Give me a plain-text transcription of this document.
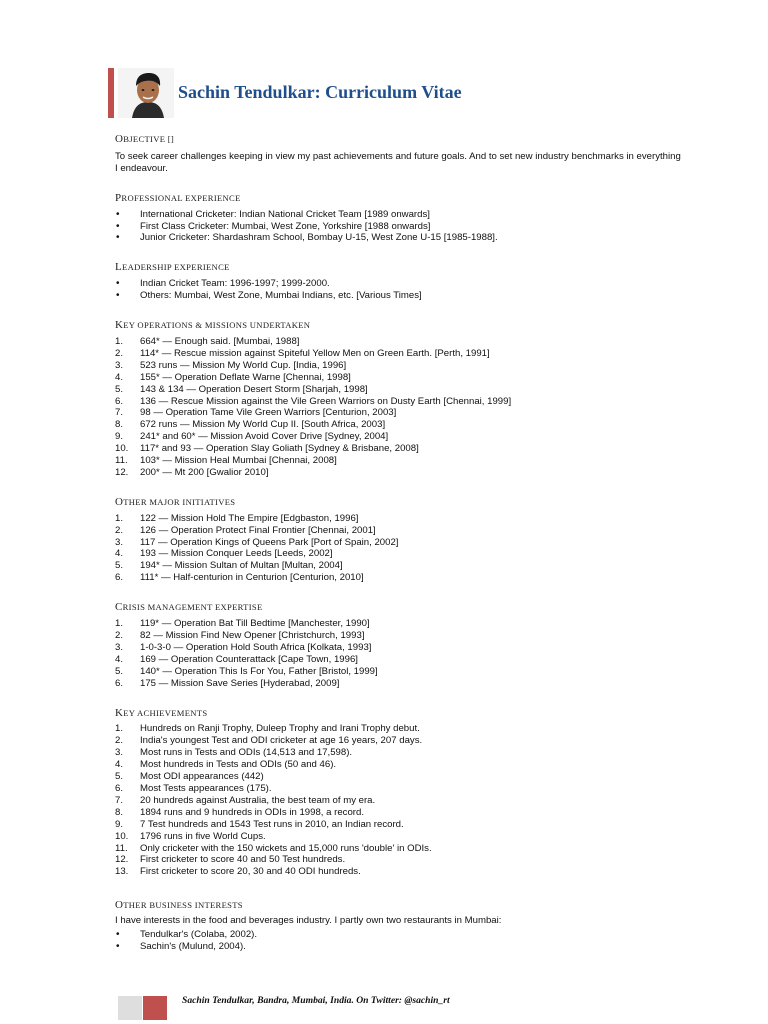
Sachin Tendulkar: Curriculum Vitae
OBJECTIVE []

To seek career challenges keeping in view my past achievements and future goals. And to set new industry benchmarks in everything I endeavour.

PROFESSIONAL EXPERIENCE
• International Cricketer: Indian National Cricket Team [1989 onwards]
• First Class Cricketer: Mumbai, West Zone, Yorkshire [1988 onwards]
• Junior Cricketer: Shardashram School, Bombay U-15, West Zone U-15 [1985-1988].
LEADERSHIP EXPERIENCE
• Indian Cricket Team: 1996-1997; 1999-2000.
• Others: Mumbai, West Zone, Mumbai Indians, etc. [Various Times]
KEY OPERATIONS & MISSIONS UNDERTAKEN
1. 664* — Enough said. [Mumbai, 1988]
2. 114* — Rescue mission against Spiteful Yellow Men on Green Earth. [Perth, 1991]
3. 523 runs — Mission My World Cup. [India, 1996]
4. 155* — Operation Deflate Warne [Chennai, 1998]
5. 143 & 134 — Operation Desert Storm [Sharjah, 1998]
6. 136 — Rescue Mission against the Vile Green Warriors on Dusty Earth [Chennai, 1999]
7. 98 — Operation Tame Vile Green Warriors [Centurion, 2003]
8. 672 runs — Mission My World Cup II. [South Africa, 2003]
9. 241* and 60* — Mission Avoid Cover Drive [Sydney, 2004]
10. 117* and 93 — Operation Slay Goliath [Sydney & Brisbane, 2008]
11. 103* — Mission Heal Mumbai [Chennai, 2008]
12. 200* — Mt 200 [Gwalior 2010]
OTHER MAJOR INITIATIVES
1. 122 — Mission Hold The Empire [Edgbaston, 1996]
2. 126 — Operation Protect Final Frontier [Chennai, 2001]
3. 117 — Operation Kings of Queens Park [Port of Spain, 2002]
4. 193 — Mission Conquer Leeds [Leeds, 2002]
5. 194* — Mission Sultan of Multan [Multan, 2004]
6. 111* — Half-centurion in Centurion [Centurion, 2010]
CRISIS MANAGEMENT EXPERTISE
1. 119* — Operation Bat Till Bedtime [Manchester, 1990]
2. 82 — Mission Find New Opener [Christchurch, 1993]
3. 1-0-3-0 — Operation Hold South Africa [Kolkata, 1993]
4. 169 — Operation Counterattack [Cape Town, 1996]
5. 140* — Operation This Is For You, Father [Bristol, 1999]
6. 175 — Mission Save Series [Hyderabad, 2009]
KEY ACHIEVEMENTS
1. Hundreds on Ranji Trophy, Duleep Trophy and Irani Trophy debut.
2. India's youngest Test and ODI cricketer at age 16 years, 207 days.
3. Most runs in Tests and ODIs (14,513 and 17,598).
4. Most hundreds in Tests and ODIs (50 and 46).
5. Most ODI appearances (442)
6. Most Tests appearances (175).
7. 20 hundreds against Australia, the best team of my era.
8. 1894 runs and 9 hundreds in ODIs in 1998, a record.
9. 7 Test hundreds and 1543 Test runs in 2010, an Indian record.
10. 1796 runs in five World Cups.
11. Only cricketer with the 150 wickets and 15,000 runs 'double' in ODIs.
12. First cricketer to score 40 and 50 Test hundreds.
13. First cricketer to score 20, 30 and 40 ODI hundreds.
OTHER BUSINESS INTERESTS

I have interests in the food and beverages industry. I partly own two restaurants in Mumbai:

• Tendulkar's (Colaba, 2002).
• Sachin's (Mulund, 2004).
Sachin Tendulkar, Bandra, Mumbai, India. On Twitter: @sachin_rt
